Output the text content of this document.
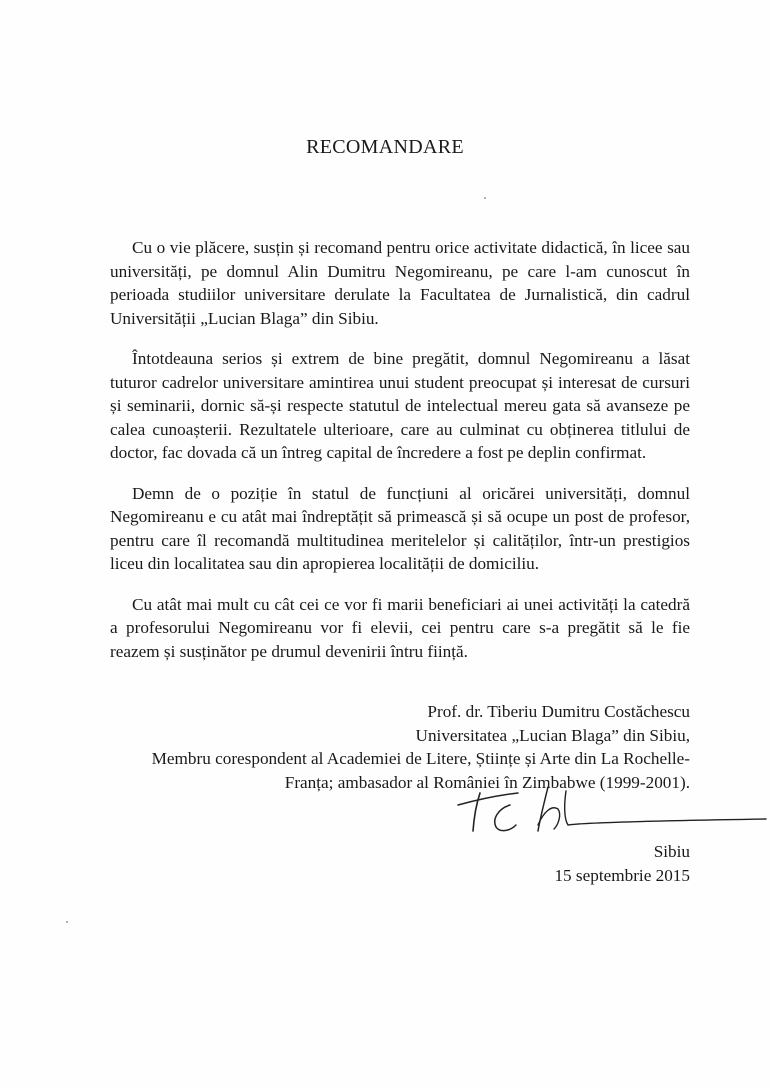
RECOMANDARE

Cu o vie plăcere, susțin și recomand pentru orice activitate didactică, în licee sau universități, pe domnul Alin Dumitru Negomireanu, pe care l-am cunoscut în perioada studiilor universitare derulate la Facultatea de Jurnalistică, din cadrul Universității „Lucian Blaga” din Sibiu.

Întotdeauna serios și extrem de bine pregătit, domnul Negomireanu a lăsat tuturor cadrelor universitare amintirea unui student preocupat și interesat de cursuri și seminarii, dornic să-și respecte statutul de intelectual mereu gata să avanseze pe calea cunoașterii. Rezultatele ulterioare, care au culminat cu obținerea titlului de doctor, fac dovada că un întreg capital de încredere a fost pe deplin confirmat.

Demn de o poziție în statul de funcțiuni al oricărei universități, domnul Negomireanu e cu atât mai îndreptățit să primească și să ocupe un post de profesor, pentru care îl recomandă multitudinea meritelelor și calităților, într-un prestigios liceu din localitatea sau din apropierea localității de domiciliu.

Cu atât mai mult cu cât cei ce vor fi marii beneficiari ai unei activități la catedră a profesorului Negomireanu vor fi elevii, cei pentru care s-a pregătit să le fie reazem și susținător pe drumul devenirii întru ființă.

Prof. dr. Tiberiu Dumitru Costăchescu
Universitatea „Lucian Blaga” din Sibiu,
Membru corespondent al Academiei de Litere, Științe și Arte din La Rochelle-
Franța; ambasador al României în Zimbabwe (1999-2001).
Sibiu
15 septembrie 2015
